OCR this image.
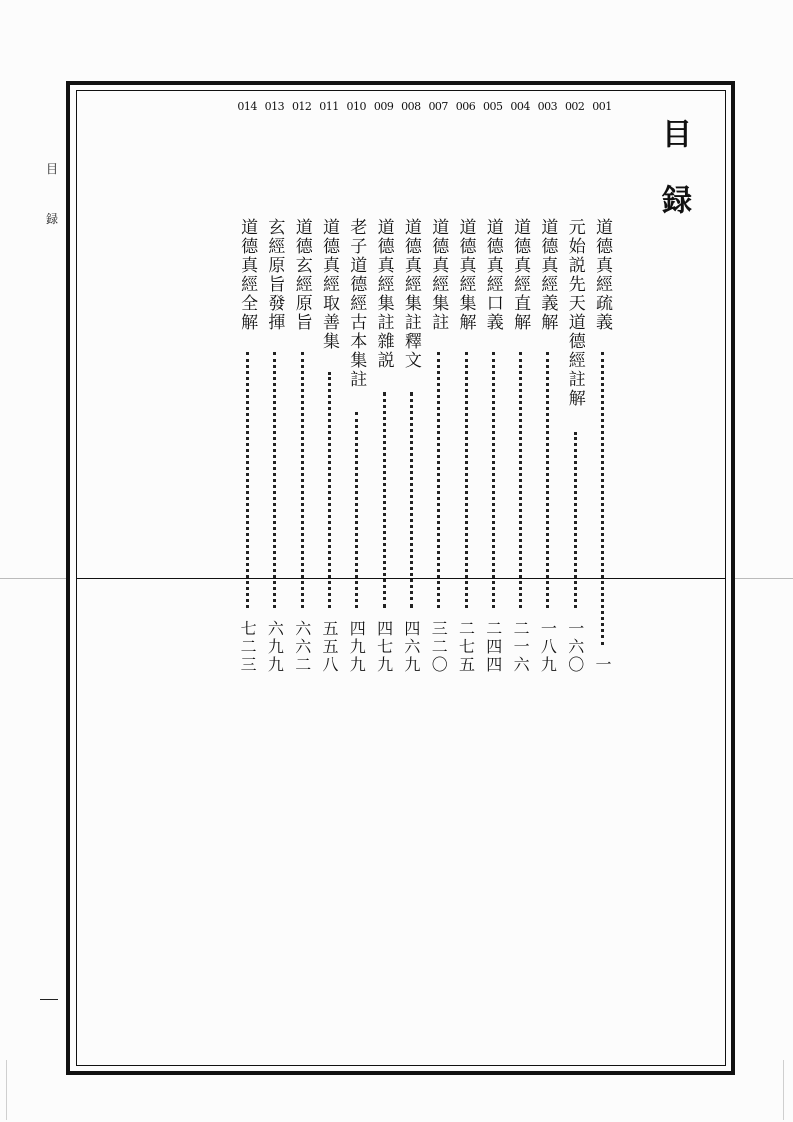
目
録	目録
001
道德真經疏義
一
002
元始説先天道德經註解
一六〇
003
道德真經義解
一八九
004
道德真經直解
二一六
005
道德真經口義
二四四
006
道德真經集解
二七五
007
道德真經集註
三二〇
008
道德真經集註釋文
四六九
009
道德真經集註雜説
四七九
010
老子道德經古本集註
四九九
011
道德真經取善集
五五八
012
道德玄經原旨
六六二
013
玄經原旨發揮
六九九
014
道德真經全解
七二三
